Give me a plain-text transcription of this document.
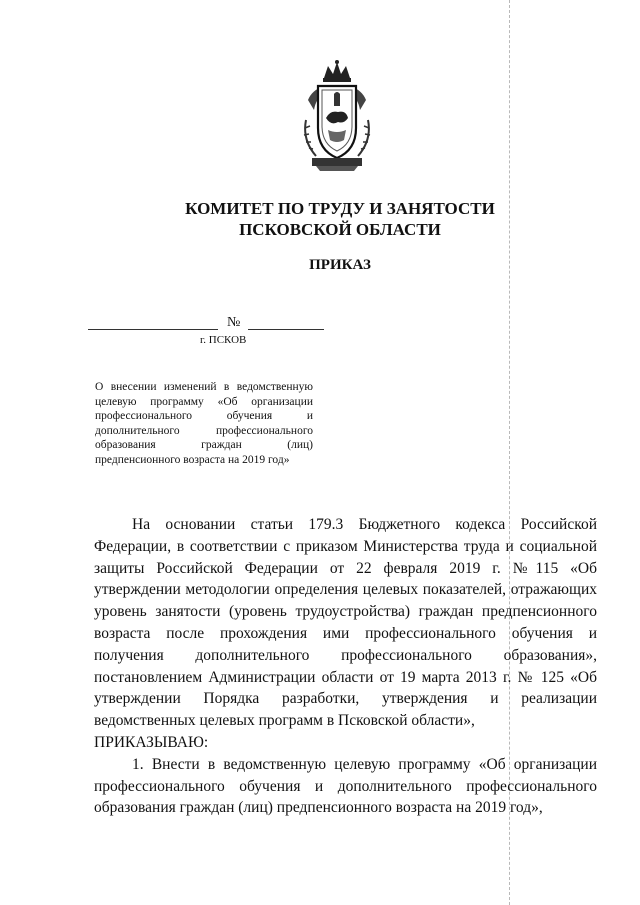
КОМИТЕТ ПО ТРУДУ И ЗАНЯТОСТИ
ПСКОВСКОЙ ОБЛАСТИ
ПРИКАЗ
№
г. ПСКОВ
О внесении изменений в ведомственную целевую программу «Об организации профессионального обучения и дополнительного профессионального образования граждан (лиц) предпенсионного возраста на 2019 год»

На основании статьи 179.3 Бюджетного кодекса Российской Федерации, в соответствии с приказом Министерства труда и социальной защиты Российской Федерации от 22 февраля 2019 г. №115 «Об утверждении методологии определения целевых показателей, отражающих уровень занятости (уровень трудоустройства) граждан предпенсионного возраста после прохождения ими профессионального обучения и получения дополнительного профессионального образования», постановлением Администрации области от 19 марта 2013 г. № 125 «Об утверждении Порядка разработки, утверждения и реализации ведомственных целевых программ в Псковской области»,

ПРИКАЗЫВАЮ:

1. Внести в ведомственную целевую программу «Об организации профессионального обучения и дополнительного профессионального образования граждан (лиц) предпенсионного возраста на 2019 год»,
